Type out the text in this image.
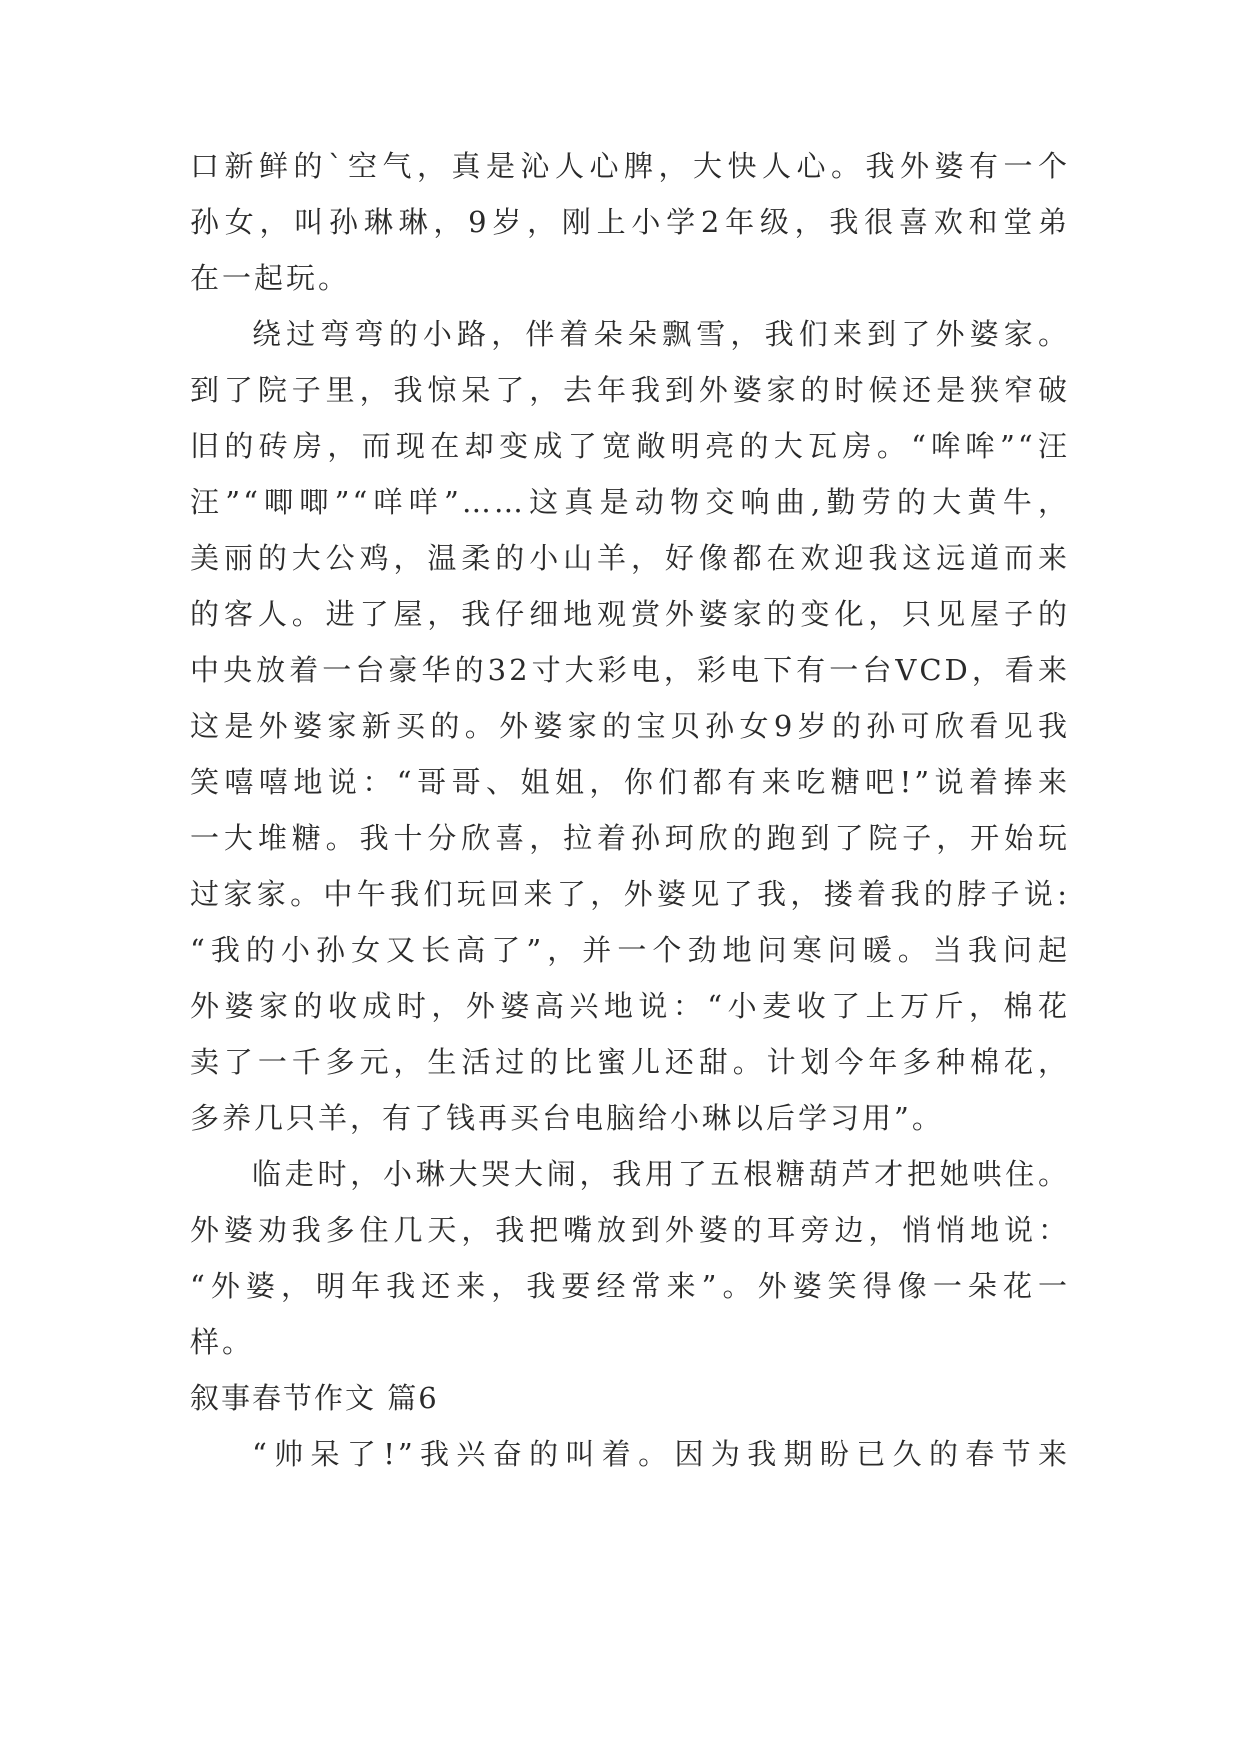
口新鲜的`空气，真是沁人心脾，大快人心。我外婆有一个
孙女，叫孙琳琳，9岁，刚上小学2年级，我很喜欢和堂弟
在一起玩。
绕过弯弯的小路，伴着朵朵飘雪，我们来到了外婆家。
到了院子里，我惊呆了，去年我到外婆家的时候还是狭窄破
旧的砖房，而现在却变成了宽敞明亮的大瓦房。“哞哞”“汪
汪”“唧唧”“咩咩”……这真是动物交响曲,勤劳的大黄牛，
美丽的大公鸡，温柔的小山羊，好像都在欢迎我这远道而来
的客人。进了屋，我仔细地观赏外婆家的变化，只见屋子的
中央放着一台豪华的32寸大彩电，彩电下有一台VCD，看来
这是外婆家新买的。外婆家的宝贝孙女9岁的孙可欣看见我
笑嘻嘻地说：“哥哥、姐姐，你们都有来吃糖吧!”说着捧来
一大堆糖。我十分欣喜，拉着孙珂欣的跑到了院子，开始玩
过家家。中午我们玩回来了，外婆见了我，搂着我的脖子说:
“我的小孙女又长高了”，并一个劲地问寒问暖。当我问起
外婆家的收成时，外婆高兴地说：“小麦收了上万斤，棉花
卖了一千多元，生活过的比蜜儿还甜。计划今年多种棉花，
多养几只羊，有了钱再买台电脑给小琳以后学习用”。
临走时，小琳大哭大闹，我用了五根糖葫芦才把她哄住。
外婆劝我多住几天，我把嘴放到外婆的耳旁边，悄悄地说：
“外婆，明年我还来，我要经常来”。外婆笑得像一朵花一
样。
叙事春节作文 篇6
“帅呆了!”我兴奋的叫着。因为我期盼已久的春节来
